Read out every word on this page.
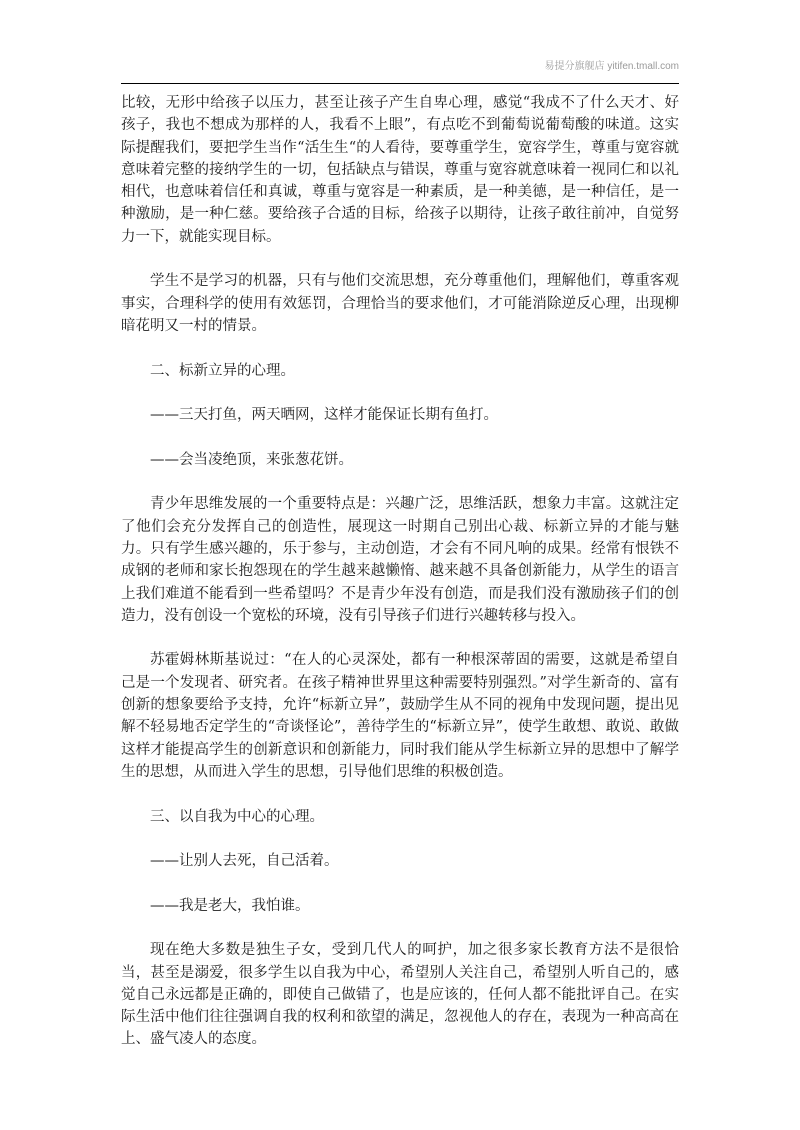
易提分旗舰店 yitifen.tmall.com

比较，无形中给孩子以压力，甚至让孩子产生自卑心理，感觉“我成不了什么天才、好孩子，我也不想成为那样的人，我看不上眼”，有点吃不到葡萄说葡萄酸的味道。这实际提醒我们，要把学生当作“活生生“的人看待，要尊重学生，宽容学生，尊重与宽容就意味着完整的接纳学生的一切，包括缺点与错误，尊重与宽容就意味着一视同仁和以礼相代，也意味着信任和真诚，尊重与宽容是一种素质，是一种美德，是一种信任，是一种激励，是一种仁慈。要给孩子合适的目标，给孩子以期待，让孩子敢往前冲，自觉努力一下，就能实现目标。

学生不是学习的机器，只有与他们交流思想，充分尊重他们，理解他们，尊重客观事实，合理科学的使用有效惩罚，合理恰当的要求他们，才可能消除逆反心理，出现柳暗花明又一村的情景。

二、标新立异的心理。

——三天打鱼，两天晒网，这样才能保证长期有鱼打。

——会当凌绝顶，来张葱花饼。

青少年思维发展的一个重要特点是：兴趣广泛，思维活跃，想象力丰富。这就注定了他们会充分发挥自己的创造性，展现这一时期自己别出心裁、标新立异的才能与魅力。只有学生感兴趣的，乐于参与，主动创造，才会有不同凡响的成果。经常有恨铁不成钢的老师和家长抱怨现在的学生越来越懒惰、越来越不具备创新能力，从学生的语言上我们难道不能看到一些希望吗？不是青少年没有创造，而是我们没有激励孩子们的创造力，没有创设一个宽松的环境，没有引导孩子们进行兴趣转移与投入。

苏霍姆林斯基说过：“在人的心灵深处，都有一种根深蒂固的需要，这就是希望自己是一个发现者、研究者。在孩子精神世界里这种需要特别强烈。”对学生新奇的、富有创新的想象要给予支持，允许“标新立异”，鼓励学生从不同的视角中发现问题，提出见解不轻易地否定学生的“奇谈怪论”，善待学生的“标新立异”，使学生敢想、敢说、敢做这样才能提高学生的创新意识和创新能力，同时我们能从学生标新立异的思想中了解学生的思想，从而进入学生的思想，引导他们思维的积极创造。

三、以自我为中心的心理。

——让别人去死，自己活着。

——我是老大，我怕谁。

现在绝大多数是独生子女，受到几代人的呵护，加之很多家长教育方法不是很恰当，甚至是溺爱，很多学生以自我为中心，希望别人关注自己，希望别人听自己的，感觉自己永远都是正确的，即使自己做错了，也是应该的，任何人都不能批评自己。在实际生活中他们往往强调自我的权利和欲望的满足，忽视他人的存在，表现为一种高高在上、盛气凌人的态度。
